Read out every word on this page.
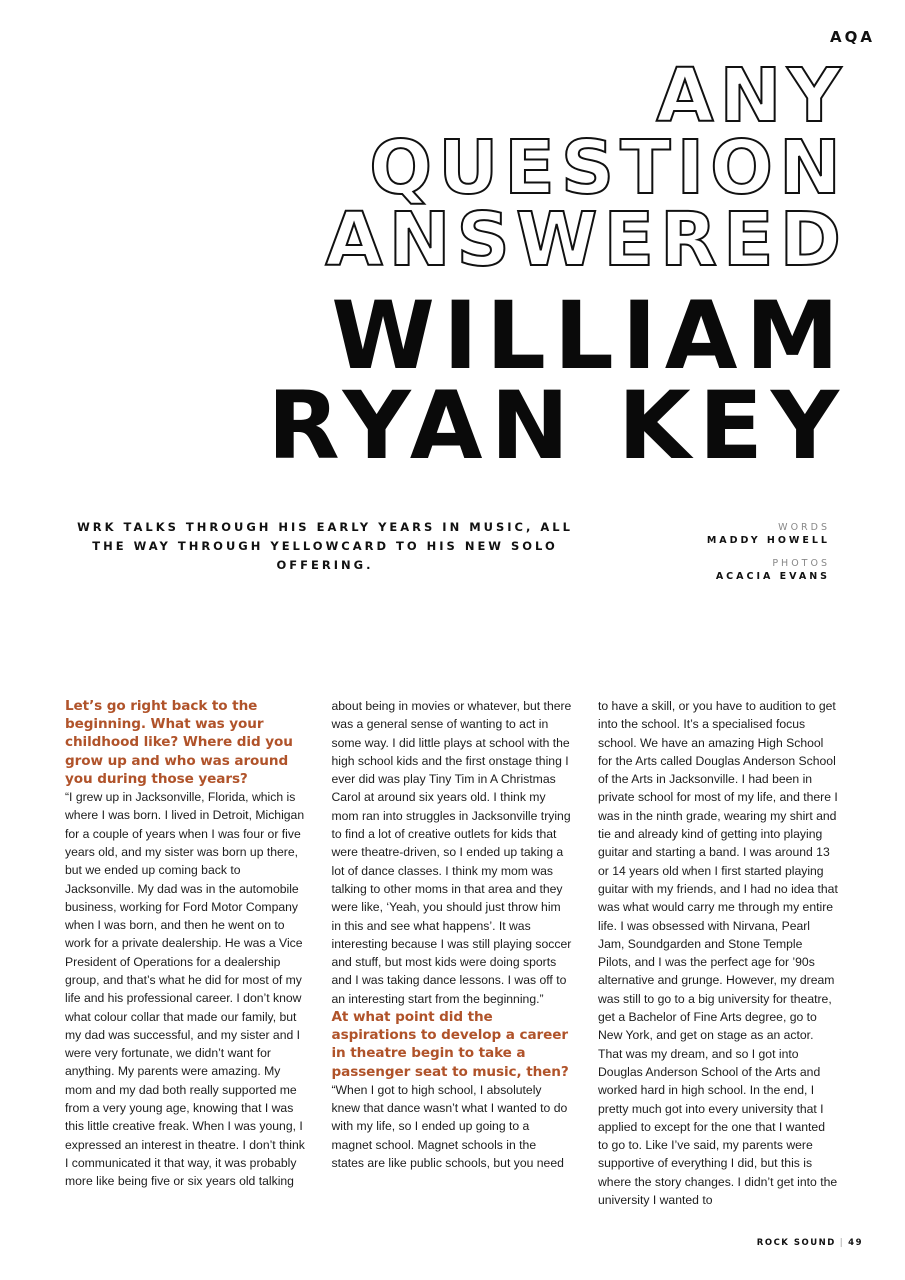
AQA
ANY
QUESTION
ANSWERED
WILLIAM
RYAN KEY
WRK TALKS THROUGH HIS EARLY YEARS IN MUSIC, ALL THE WAY THROUGH YELLOWCARD TO HIS NEW SOLO OFFERING.
WORDS
MADDY HOWELL
PHOTOS
ACACIA EVANS

Let’s go right back to the beginning. What was your childhood like? Where did you grow up and who was around you during those years?

“I grew up in Jacksonville, Florida, which is where I was born. I lived in Detroit, Michigan for a couple of years when I was four or five years old, and my sister was born up there, but we ended up coming back to Jacksonville. My dad was in the automobile business, working for Ford Motor Company when I was born, and then he went on to work for a private dealership. He was a Vice President of Operations for a dealership group, and that’s what he did for most of my life and his professional career. I don’t know what colour collar that made our family, but my dad was successful, and my sister and I were very fortunate, we didn’t want for anything. My parents were amazing. My mom and my dad both really supported me from a very young age, knowing that I was this little creative freak. When I was young, I expressed an interest in theatre. I don’t think I communicated it that way, it was probably more like being five or six years old talking

about being in movies or whatever, but there was a general sense of wanting to act in some way. I did little plays at school with the high school kids and the first onstage thing I ever did was play Tiny Tim in A Christmas Carol at around six years old. I think my mom ran into struggles in Jacksonville trying to find a lot of creative outlets for kids that were theatre-driven, so I ended up taking a lot of dance classes. I think my mom was talking to other moms in that area and they were like, ‘Yeah, you should just throw him in this and see what happens’. It was interesting because I was still playing soccer and stuff, but most kids were doing sports and I was taking dance lessons. I was off to an interesting start from the beginning.”

At what point did the aspirations to develop a career in theatre begin to take a passenger seat to music, then?

“When I got to high school, I absolutely knew that dance wasn’t what I wanted to do with my life, so I ended up going to a magnet school. Magnet schools in the states are like public schools, but you need

to have a skill, or you have to audition to get into the school. It’s a specialised focus school. We have an amazing High School for the Arts called Douglas Anderson School of the Arts in Jacksonville. I had been in private school for most of my life, and there I was in the ninth grade, wearing my shirt and tie and already kind of getting into playing guitar and starting a band. I was around 13 or 14 years old when I first started playing guitar with my friends, and I had no idea that was what would carry me through my entire life. I was obsessed with Nirvana, Pearl Jam, Soundgarden and Stone Temple Pilots, and I was the perfect age for ’90s alternative and grunge. However, my dream was still to go to a big university for theatre, get a Bachelor of Fine Arts degree, go to New York, and get on stage as an actor. That was my dream, and so I got into Douglas Anderson School of the Arts and worked hard in high school. In the end, I pretty much got into every university that I applied to except for the one that I wanted to go to. Like I’ve said, my parents were supportive of everything I did, but this is where the story changes. I didn’t get into the university I wanted to

ROCK SOUND | 49
